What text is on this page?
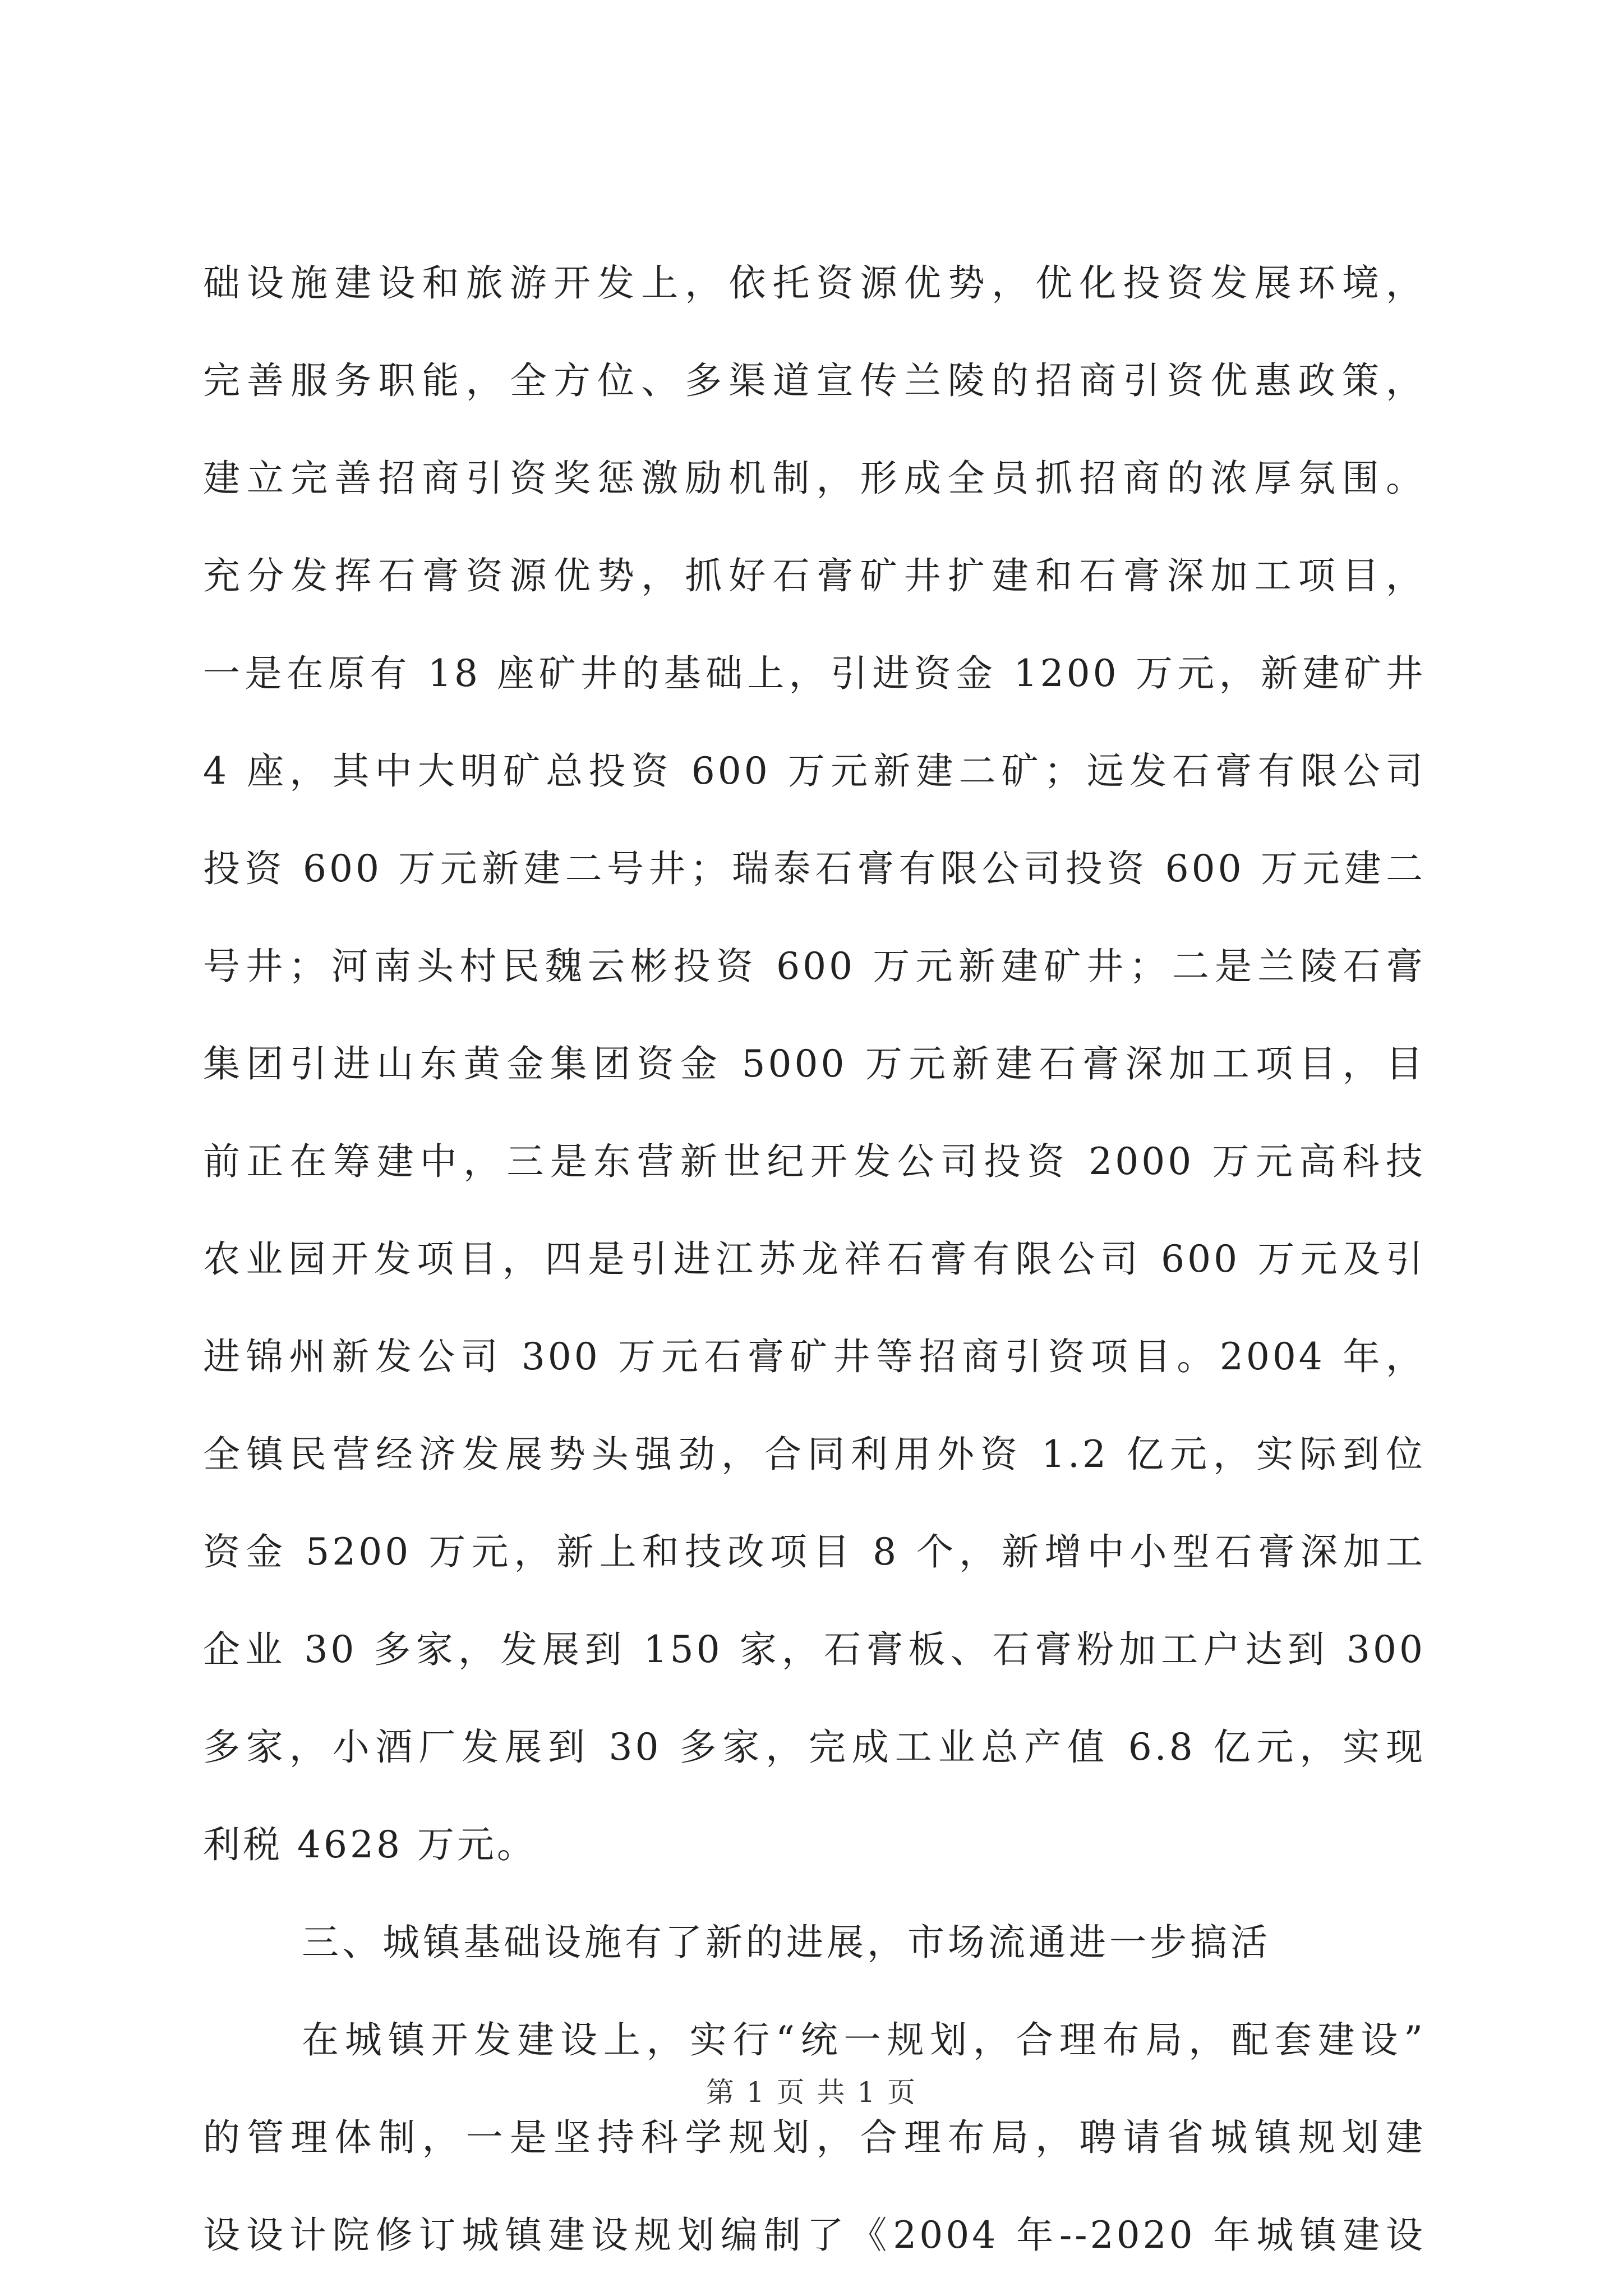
础设施建设和旅游开发上，依托资源优势，优化投资发展环境，
完善服务职能，全方位、多渠道宣传兰陵的招商引资优惠政策，
建立完善招商引资奖惩激励机制，形成全员抓招商的浓厚氛围。
充分发挥石膏资源优势，抓好石膏矿井扩建和石膏深加工项目，
一是在原有 18 座矿井的基础上，引进资金 1200 万元，新建矿井
4 座，其中大明矿总投资 600 万元新建二矿；远发石膏有限公司
投资 600 万元新建二号井；瑞泰石膏有限公司投资 600 万元建二
号井；河南头村民魏云彬投资 600 万元新建矿井；二是兰陵石膏
集团引进山东黄金集团资金 5000 万元新建石膏深加工项目，目
前正在筹建中，三是东营新世纪开发公司投资 2000 万元高科技
农业园开发项目，四是引进江苏龙祥石膏有限公司 600 万元及引
进锦州新发公司 300 万元石膏矿井等招商引资项目。2004 年，
全镇民营经济发展势头强劲，合同利用外资 1.2 亿元，实际到位
资金 5200 万元，新上和技改项目 8 个，新增中小型石膏深加工
企业 30 多家，发展到 150 家，石膏板、石膏粉加工户达到 300
多家，小酒厂发展到 30 多家，完成工业总产值 6.8 亿元，实现
利税 4628 万元。
三、城镇基础设施有了新的进展，市场流通进一步搞活
在城镇开发建设上，实行“统一规划，合理布局，配套建设”
的管理体制，一是坚持科学规划，合理布局，聘请省城镇规划建
设设计院修订城镇建设规划编制了《2004 年--2020 年城镇建设
第 1 页 共 1 页
